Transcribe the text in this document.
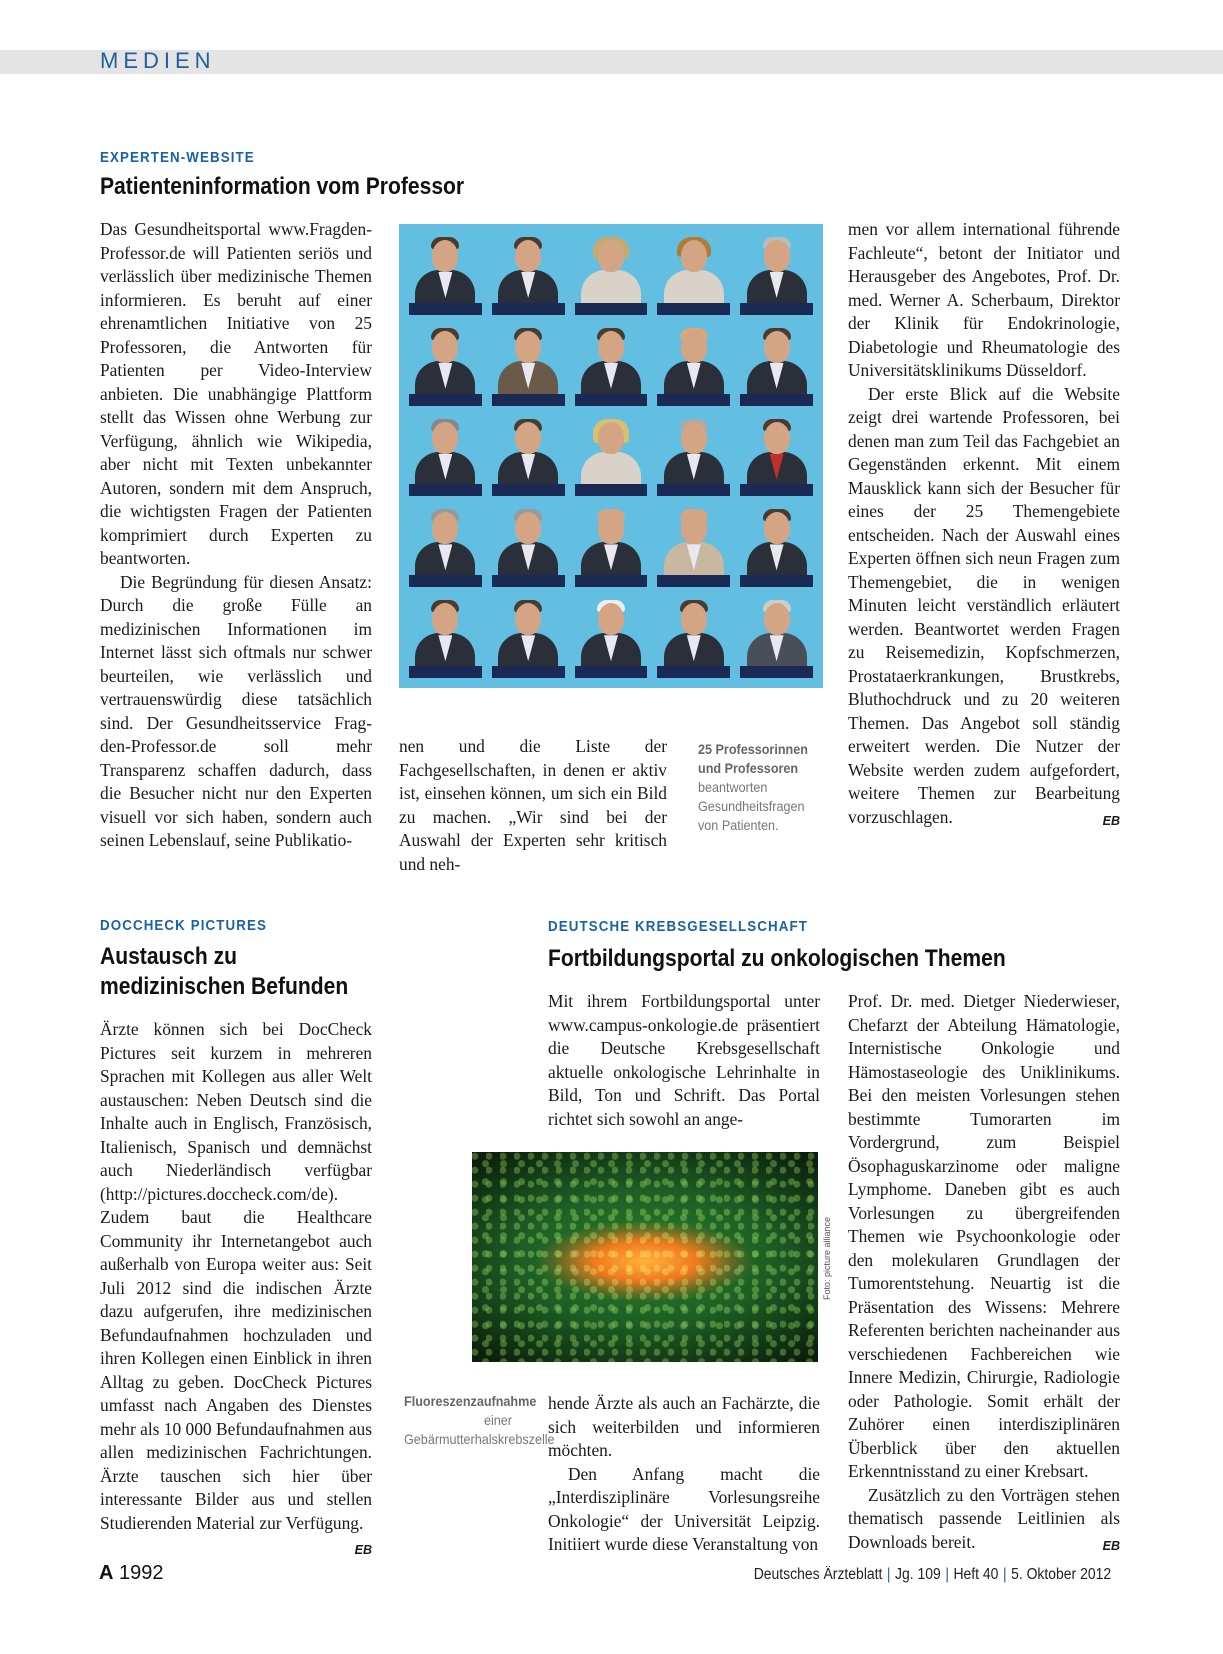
MEDIEN
EXPERTEN-WEBSITE
Patienteninformation vom Professor

Das Gesundheitsportal www.Fragden-Professor.de will Patienten seriös und verlässlich über medizinische Themen informieren. Es beruht auf einer ehrenamtlichen Initiative von 25 Professoren, die Antworten für Patienten per Video-Interview anbieten. Die unabhängige Plattform stellt das Wissen ohne Werbung zur Verfügung, ähnlich wie Wikipedia, aber nicht mit Texten unbekannter Autoren, sondern mit dem Anspruch, die wichtigsten Fragen der Patienten komprimiert durch Experten zu beantworten.

Die Begründung für diesen Ansatz: Durch die große Fülle an medizinischen Informationen im Internet lässt sich oftmals nur schwer beurteilen, wie verlässlich und vertrauenswürdig diese tatsächlich sind. Der Gesundheitsservice Frag-den-Professor.de soll mehr Transparenz schaffen dadurch, dass die Besucher nicht nur den Experten visuell vor sich haben, sondern auch seinen Lebenslauf, seine Publikatio-

nen und die Liste der Fachgesellschaften, in denen er aktiv ist, einsehen können, um sich ein Bild zu machen. „Wir sind bei der Auswahl der Experten sehr kritisch und neh-

25 Professorinnen und Professoren beantworten Gesundheitsfragen von Patienten.

men vor allem international führende Fachleute“, betont der Initiator und Herausgeber des Angebotes, Prof. Dr. med. Werner A. Scherbaum, Direktor der Klinik für Endokrinologie, Diabetologie und Rheumatologie des Universitätsklinikums Düsseldorf.

Der erste Blick auf die Website zeigt drei wartende Professoren, bei denen man zum Teil das Fachgebiet an Gegenständen erkennt. Mit einem Mausklick kann sich der Besucher für eines der 25 Themengebiete entscheiden. Nach der Auswahl eines Experten öffnen sich neun Fragen zum Themengebiet, die in wenigen Minuten leicht verständlich erläutert werden. Beantwortet werden Fragen zu Reisemedizin, Kopfschmerzen, Prostataerkrankungen, Brustkrebs, Bluthochdruck und zu 20 weiteren Themen. Das Angebot soll ständig erweitert werden. Die Nutzer der Website werden zudem aufgefordert, weitere Themen zur Bearbeitung vorzuschlagen.	EB

DOCCHECK PICTURES
Austausch zu medizinischen Befunden

Ärzte können sich bei DocCheck Pictures seit kurzem in mehreren Sprachen mit Kollegen aus aller Welt austauschen: Neben Deutsch sind die Inhalte auch in Englisch, Französisch, Italienisch, Spanisch und demnächst auch Niederländisch verfügbar (http://pictures.doccheck.com/de). Zudem baut die Healthcare Community ihr Internetangebot auch außerhalb von Europa weiter aus: Seit Juli 2012 sind die indischen Ärzte dazu aufgerufen, ihre medizinischen Befundaufnahmen hochzuladen und ihren Kollegen einen Einblick in ihren Alltag zu geben. DocCheck Pictures umfasst nach Angaben des Dienstes mehr als 10 000 Befundaufnahmen aus allen medizinischen Fachrichtungen. Ärzte tauschen sich hier über interessante Bilder aus und stellen Studierenden Material zur Verfügung.
EB

DEUTSCHE KREBSGESELLSCHAFT
Fortbildungsportal zu onkologischen Themen

Mit ihrem Fortbildungsportal unter www.campus-onkologie.de präsentiert die Deutsche Krebsgesellschaft aktuelle onkologische Lehrinhalte in Bild, Ton und Schrift. Das Portal richtet sich sowohl an ange-

Foto: picture alliance
Fluoreszenzaufnahme einer Gebärmutterhalskrebszelle

hende Ärzte als auch an Fachärzte, die sich weiterbilden und informieren möchten.

Den Anfang macht die „Interdisziplinäre Vorlesungsreihe Onkologie“ der Universität Leipzig. Initiiert wurde diese Veranstaltung von

Prof. Dr. med. Dietger Niederwieser, Chefarzt der Abteilung Hämatologie, Internistische Onkologie und Hämostaseologie des Uniklinikums. Bei den meisten Vorlesungen stehen bestimmte Tumorarten im Vordergrund, zum Beispiel Ösophaguskarzinome oder maligne Lymphome. Daneben gibt es auch Vorlesungen zu übergreifenden Themen wie Psychoonkologie oder den molekularen Grundlagen der Tumorentstehung. Neuartig ist die Präsentation des Wissens: Mehrere Referenten berichten nacheinander aus verschiedenen Fachbereichen wie Innere Medizin, Chirurgie, Radiologie oder Pathologie. Somit erhält der Zuhörer einen interdisziplinären Überblick über den aktuellen Erkenntnisstand zu einer Krebsart.

Zusätzlich zu den Vorträgen stehen thematisch passende Leitlinien als Downloads bereit.	EB

A 1992	Deutsches Ärzteblatt | Jg. 109 | Heft 40 | 5. Oktober 2012
